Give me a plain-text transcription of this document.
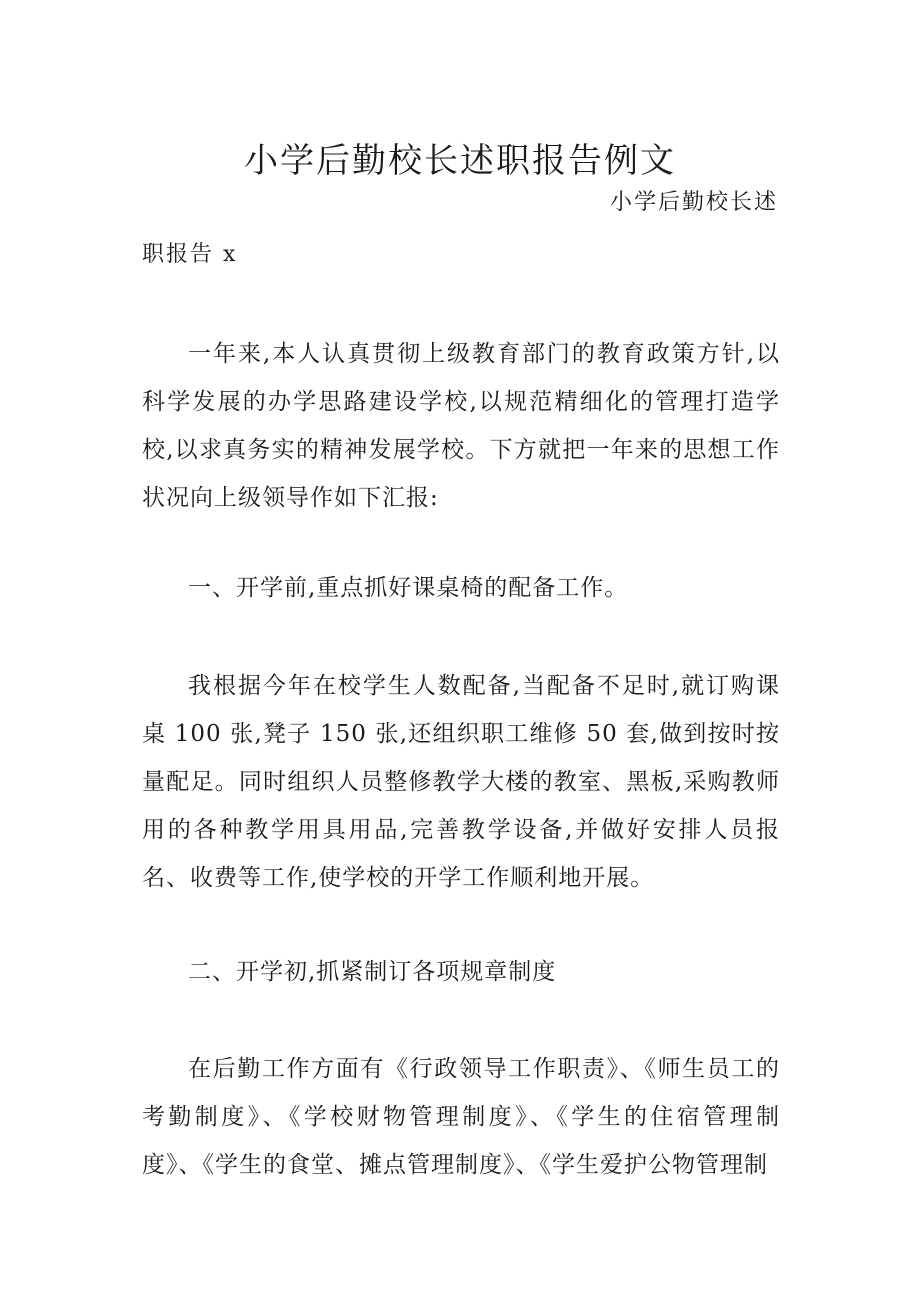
小学后勤校长述职报告例文
小学后勤校长述
职报告 x

一年来,本人认真贯彻上级教育部门的教育政策方针,以科学发展的办学思路建设学校,以规范精细化的管理打造学校,以求真务实的精神发展学校。下方就把一年来的思想工作状况向上级领导作如下汇报:

一、开学前,重点抓好课桌椅的配备工作。

我根据今年在校学生人数配备,当配备不足时,就订购课桌 100 张,凳子 150 张,还组织职工维修 50 套,做到按时按量配足。同时组织人员整修教学大楼的教室、黑板,采购教师用的各种教学用具用品,完善教学设备,并做好安排人员报名、收费等工作,使学校的开学工作顺利地开展。

二、开学初,抓紧制订各项规章制度

在后勤工作方面有《行政领导工作职责》、《师生员工的考勤制度》、《学校财物管理制度》、《学生的住宿管理制度》、《学生的食堂、摊点管理制度》、《学生爱护公物管理制
